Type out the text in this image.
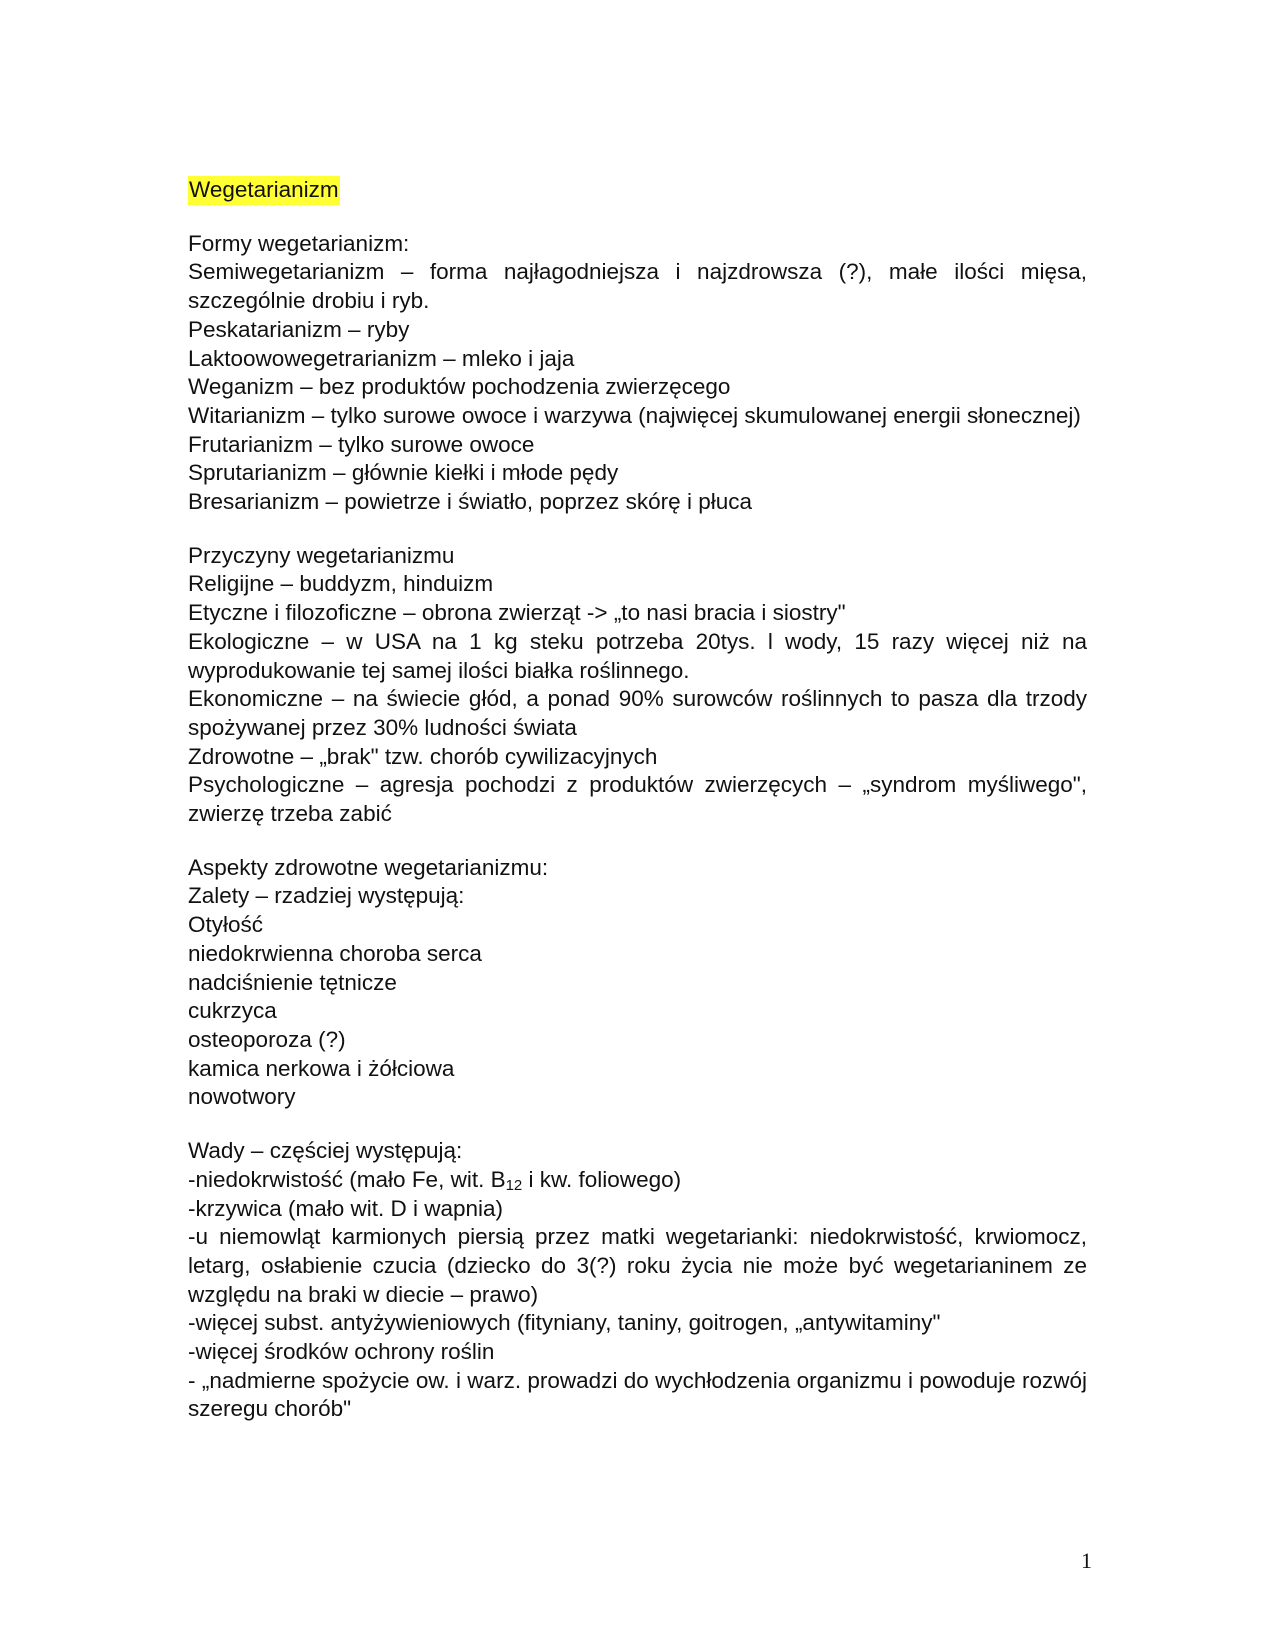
Wegetarianizm

Formy wegetarianizm:

Semiwegetarianizm – forma najłagodniejsza i najzdrowsza (?), małe ilości mięsa, szczególnie drobiu i ryb.

Peskatarianizm – ryby

Laktoowowegetrarianizm – mleko i jaja

Weganizm – bez produktów pochodzenia zwierzęcego

Witarianizm – tylko surowe owoce i warzywa (najwięcej skumulowanej energii słonecznej)

Frutarianizm – tylko surowe owoce

Sprutarianizm – głównie kiełki i młode pędy

Bresarianizm – powietrze i światło, poprzez skórę i płuca

Przyczyny wegetarianizmu

Religijne – buddyzm, hinduizm

Etyczne i filozoficzne – obrona zwierząt -> „to nasi bracia i siostry"

Ekologiczne – w USA na 1 kg steku potrzeba 20tys. l wody, 15 razy więcej niż na wyprodukowanie tej samej ilości białka roślinnego.

Ekonomiczne – na świecie głód, a ponad 90% surowców roślinnych to pasza dla trzody spożywanej przez 30% ludności świata

Zdrowotne – „brak" tzw. chorób cywilizacyjnych

Psychologiczne – agresja pochodzi z produktów zwierzęcych – „syndrom myśliwego", zwierzę trzeba zabić

Aspekty zdrowotne wegetarianizmu:

Zalety – rzadziej występują:

Otyłość

niedokrwienna choroba serca

nadciśnienie tętnicze

cukrzyca

osteoporoza (?)

kamica nerkowa i żółciowa

nowotwory

Wady – częściej występują:

-niedokrwistość (mało Fe, wit. $B_{12}$ i kw. foliowego)

-krzywica (mało wit. D i wapnia)

-u niemowląt karmionych piersią przez matki wegetarianki: niedokrwistość, krwiomocz, letarg, osłabienie czucia (dziecko do 3(?) roku życia nie może być wegetarianinem ze względu na braki w diecie – prawo)

-więcej subst. antyżywieniowych (fityniany, taniny, goitrogen, „antywitaminy"

-więcej środków ochrony roślin

- „nadmierne spożycie ow. i warz. prowadzi do wychłodzenia organizmu i powoduje rozwój szeregu chorób"

1
